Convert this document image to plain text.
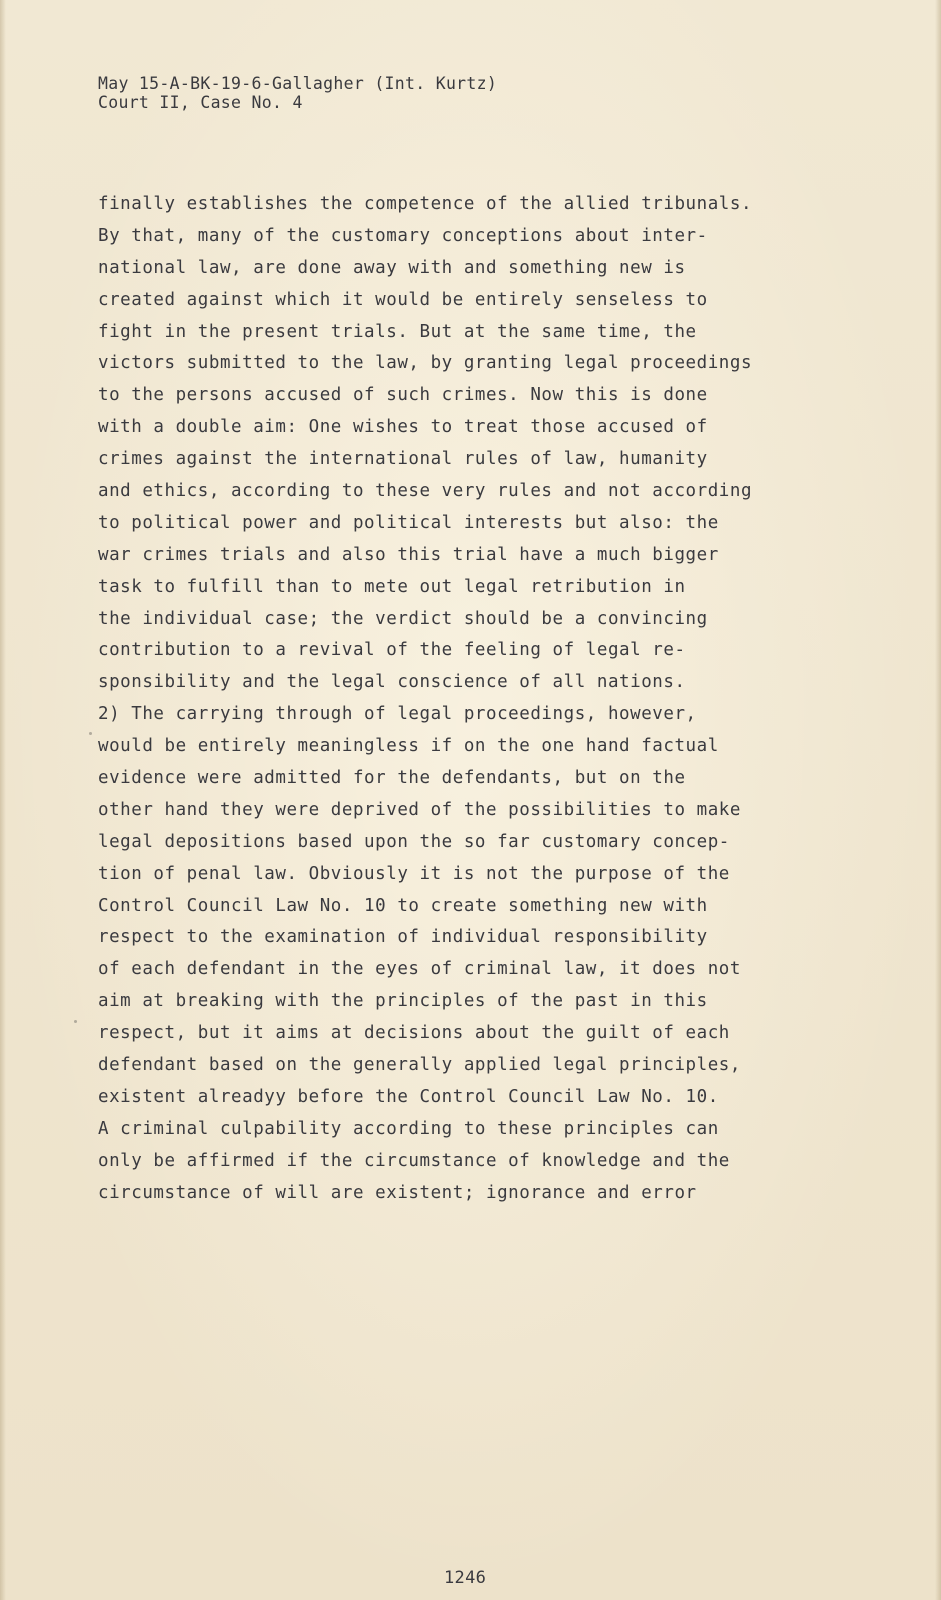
May 15-A-BK-19-6-Gallagher (Int. Kurtz)
Court II, Case No. 4
finally establishes the competence of the allied tribunals.
By that, many of the customary conceptions about inter-
national law, are done away with and something new is
created against which it would be entirely senseless to
fight in the present trials. But at the same time, the
victors submitted to the law, by granting legal proceedings
to the persons accused of such crimes. Now this is done
with a double aim: One wishes to treat those accused of
crimes against the international rules of law, humanity
and ethics, according to these very rules and not according
to political power and political interests but also: the
war crimes trials and also this trial have a much bigger
task to fulfill than to mete out legal retribution in
the individual case; the verdict should be a convincing
contribution to a revival of the feeling of legal re-
sponsibility and the legal conscience of all nations.
2) The carrying through of legal proceedings, however,
would be entirely meaningless if on the one hand factual
evidence were admitted for the defendants, but on the
other hand they were deprived of the possibilities to make
legal depositions based upon the so far customary concep-
tion of penal law. Obviously it is not the purpose of the
Control Council Law No. 10 to create something new with
respect to the examination of individual responsibility
of each defendant in the eyes of criminal law, it does not
aim at breaking with the principles of the past in this
respect, but it aims at decisions about the guilt of each
defendant based on the generally applied legal principles,
existent alreadyy before the Control Council Law No. 10.
A criminal culpability according to these principles can
only be affirmed if the circumstance of knowledge and the
circumstance of will are existent; ignorance and error
1246
